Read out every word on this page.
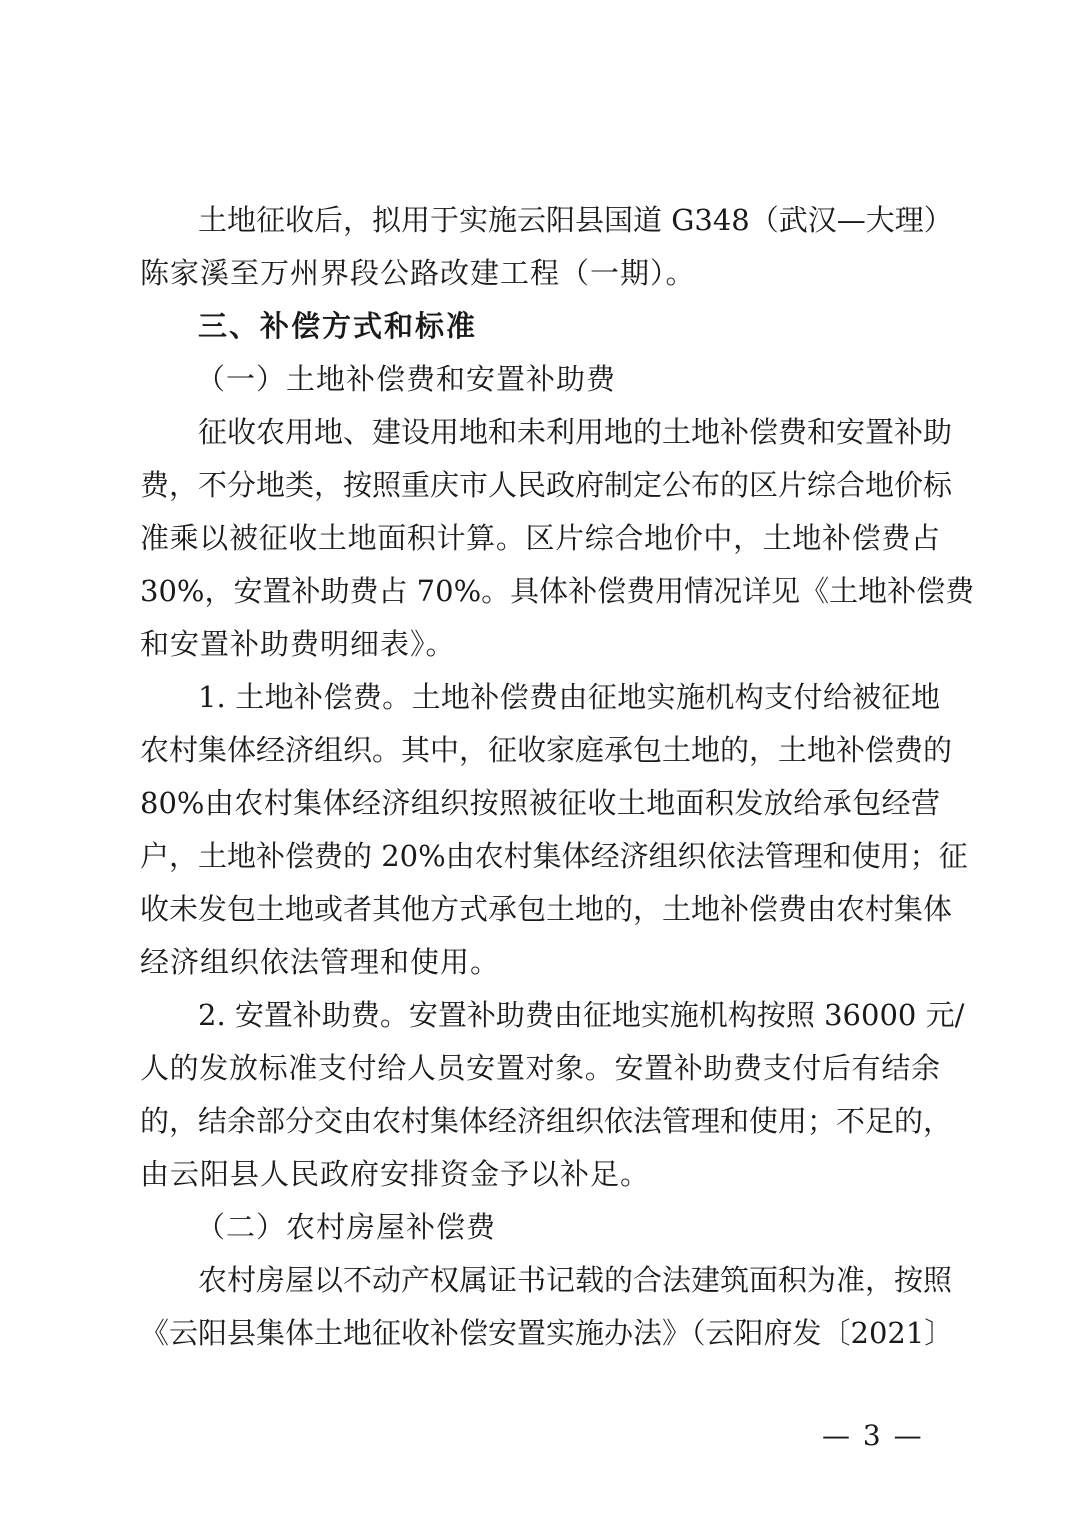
土地征收后，拟用于实施云阳县国道 G348（武汉—大理）
陈家溪至万州界段公路改建工程（一期）。
三、补偿方式和标准
（一）土地补偿费和安置补助费
征收农用地、建设用地和未利用地的土地补偿费和安置补助
费，不分地类，按照重庆市人民政府制定公布的区片综合地价标
准乘以被征收土地面积计算。区片综合地价中，土地补偿费占
30%，安置补助费占 70%。具体补偿费用情况详见《土地补偿费
和安置补助费明细表》。
1. 土地补偿费。土地补偿费由征地实施机构支付给被征地
农村集体经济组织。其中，征收家庭承包土地的，土地补偿费的
80%由农村集体经济组织按照被征收土地面积发放给承包经营
户，土地补偿费的 20%由农村集体经济组织依法管理和使用；征
收未发包土地或者其他方式承包土地的，土地补偿费由农村集体
经济组织依法管理和使用。
2. 安置补助费。安置补助费由征地实施机构按照 36000 元/
人的发放标准支付给人员安置对象。安置补助费支付后有结余
的，结余部分交由农村集体经济组织依法管理和使用；不足的，
由云阳县人民政府安排资金予以补足。
（二）农村房屋补偿费
农村房屋以不动产权属证书记载的合法建筑面积为准，按照
《云阳县集体土地征收补偿安置实施办法》（云阳府发〔2021〕
— 3 —
